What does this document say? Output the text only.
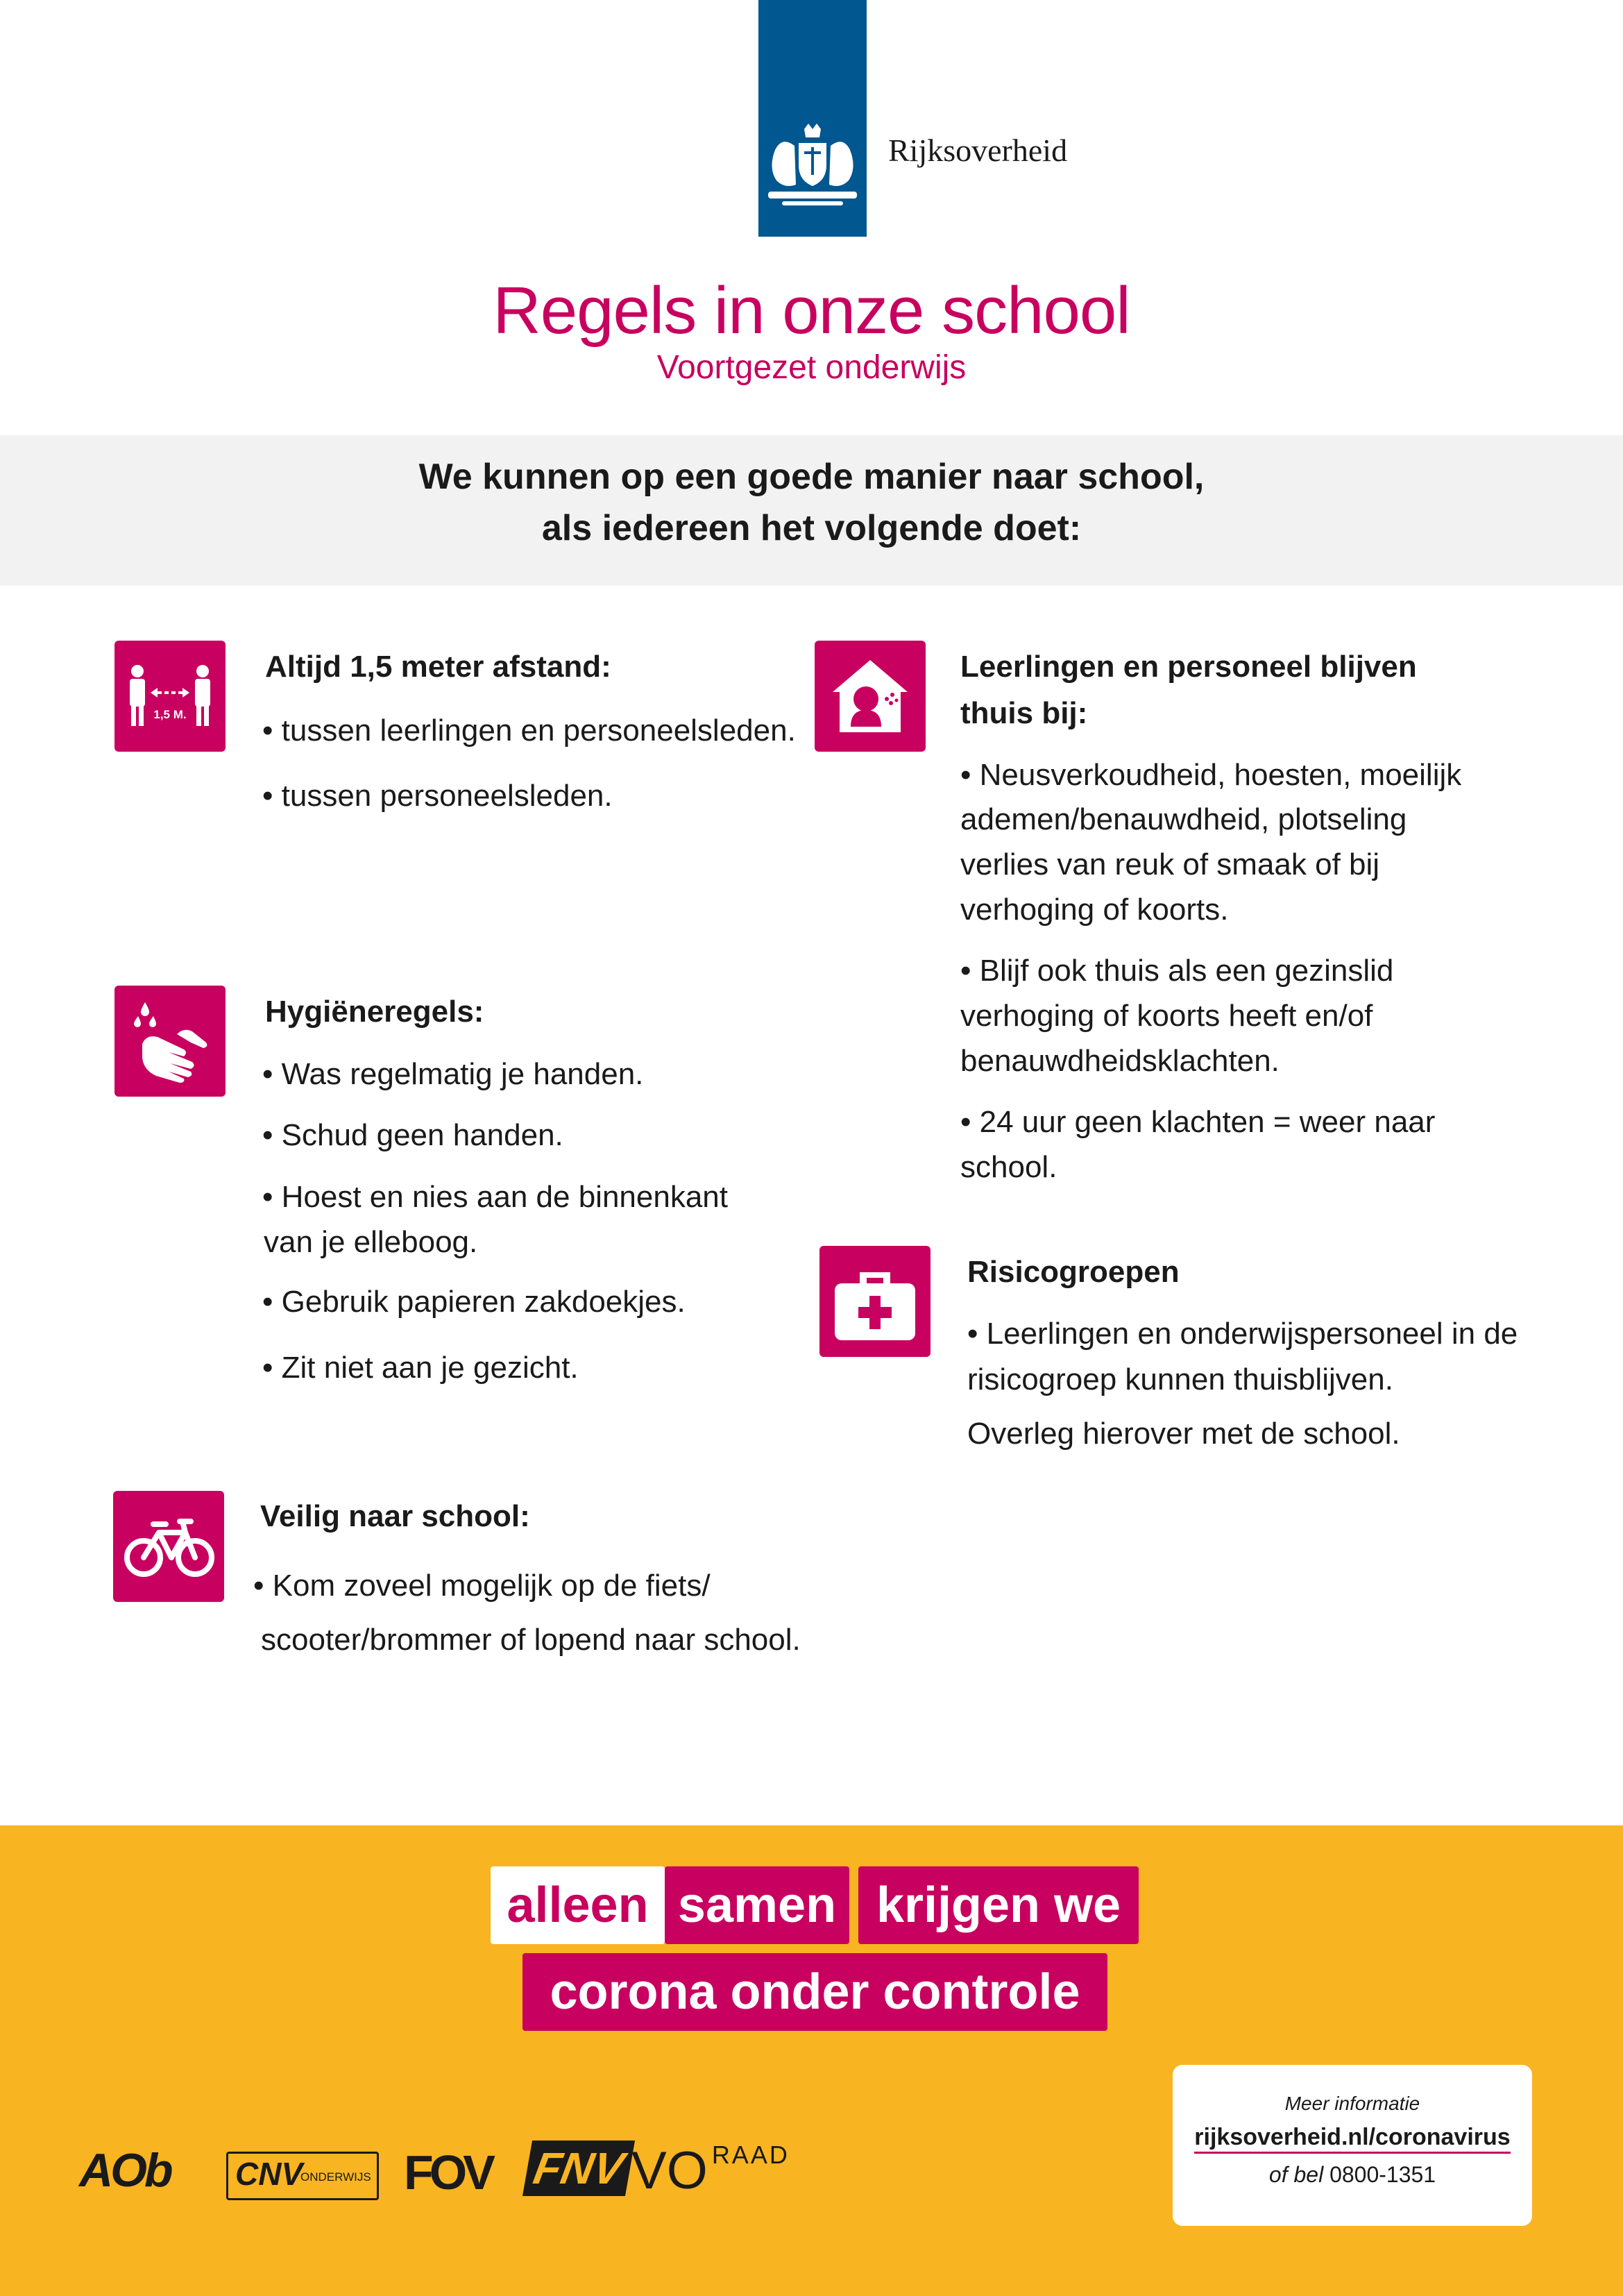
Rijksoverheid
Regels in onze school
Voortgezet onderwijs
We kunnen op een goede manier naar school,
als iedereen het volgende doet:
1,5 M.
Altijd 1,5 meter afstand:
• tussen leerlingen en personeelsleden.
• tussen personeelsleden.
Hygiëneregels:
• Was regelmatig je handen.
• Schud geen handen.
• Hoest en nies aan de binnenkant
van je elleboog.
• Gebruik papieren zakdoekjes.
• Zit niet aan je gezicht.
Veilig naar school:
• Kom zoveel mogelijk op de fiets/
scooter/brommer of lopend naar school.
Leerlingen en personeel blijven
thuis bij:
• Neusverkoudheid, hoesten, moeilijk
ademen/benauwdheid, plotseling
verlies van reuk of smaak of bij
verhoging of koorts.
• Blijf ook thuis als een gezinslid
verhoging of koorts heeft en/of
benauwdheidsklachten.
• 24 uur geen klachten = weer naar
school.
Risicogroepen
• Leerlingen en onderwijspersoneel in de
risicogroep kunnen thuisblijven.
Overleg hierover met de school.
alleen samen krijgen we
corona onder controle
Meer informatie
rijksoverheid.nl/coronavirus
of bel 0800-1351
AOb CNV
ONDERWIJS FOV FNV VO $^{RAAD}$
